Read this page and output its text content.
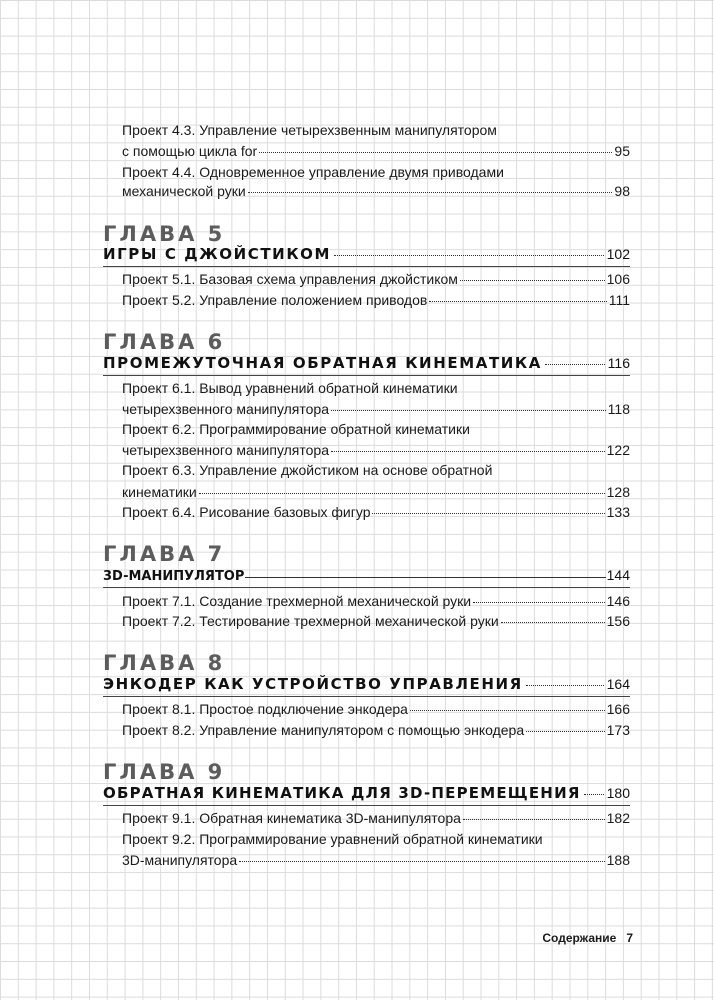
Проект 4.3. Управление четырехзвенным манипулятором
с помощью цикла for	95
Проект 4.4. Одновременное управление двумя приводами
механической руки	98
ГЛАВА 5
ИГРЫ С ДЖОЙСТИКОМ	102
Проект 5.1. Базовая схема управления джойстиком	106
Проект 5.2. Управление положением приводов	111
ГЛАВА 6
ПРОМЕЖУТОЧНАЯ ОБРАТНАЯ КИНЕМАТИКА	116
Проект 6.1. Вывод уравнений обратной кинематики
четырехзвенного манипулятора	118
Проект 6.2. Программирование обратной кинематики
четырехзвенного манипулятора	122
Проект 6.3. Управление джойстиком на основе обратной
кинематики	128
Проект 6.4. Рисование базовых фигур	133
ГЛАВА 7
3D-МАНИПУЛЯТОР	144
Проект 7.1. Создание трехмерной механической руки	146
Проект 7.2. Тестирование трехмерной механической руки	156
ГЛАВА 8
ЭНКОДЕР КАК УСТРОЙСТВО УПРАВЛЕНИЯ	164
Проект 8.1. Простое подключение энкодера	166
Проект 8.2. Управление манипулятором с помощью энкодера	173
ГЛАВА 9
ОБРАТНАЯ КИНЕМАТИКА ДЛЯ 3D-ПЕРЕМЕЩЕНИЯ 180
Проект 9.1. Обратная кинематика 3D-манипулятора	182
Проект 9.2. Программирование уравнений обратной кинематики
3D-манипулятора	188
Содержание 7
